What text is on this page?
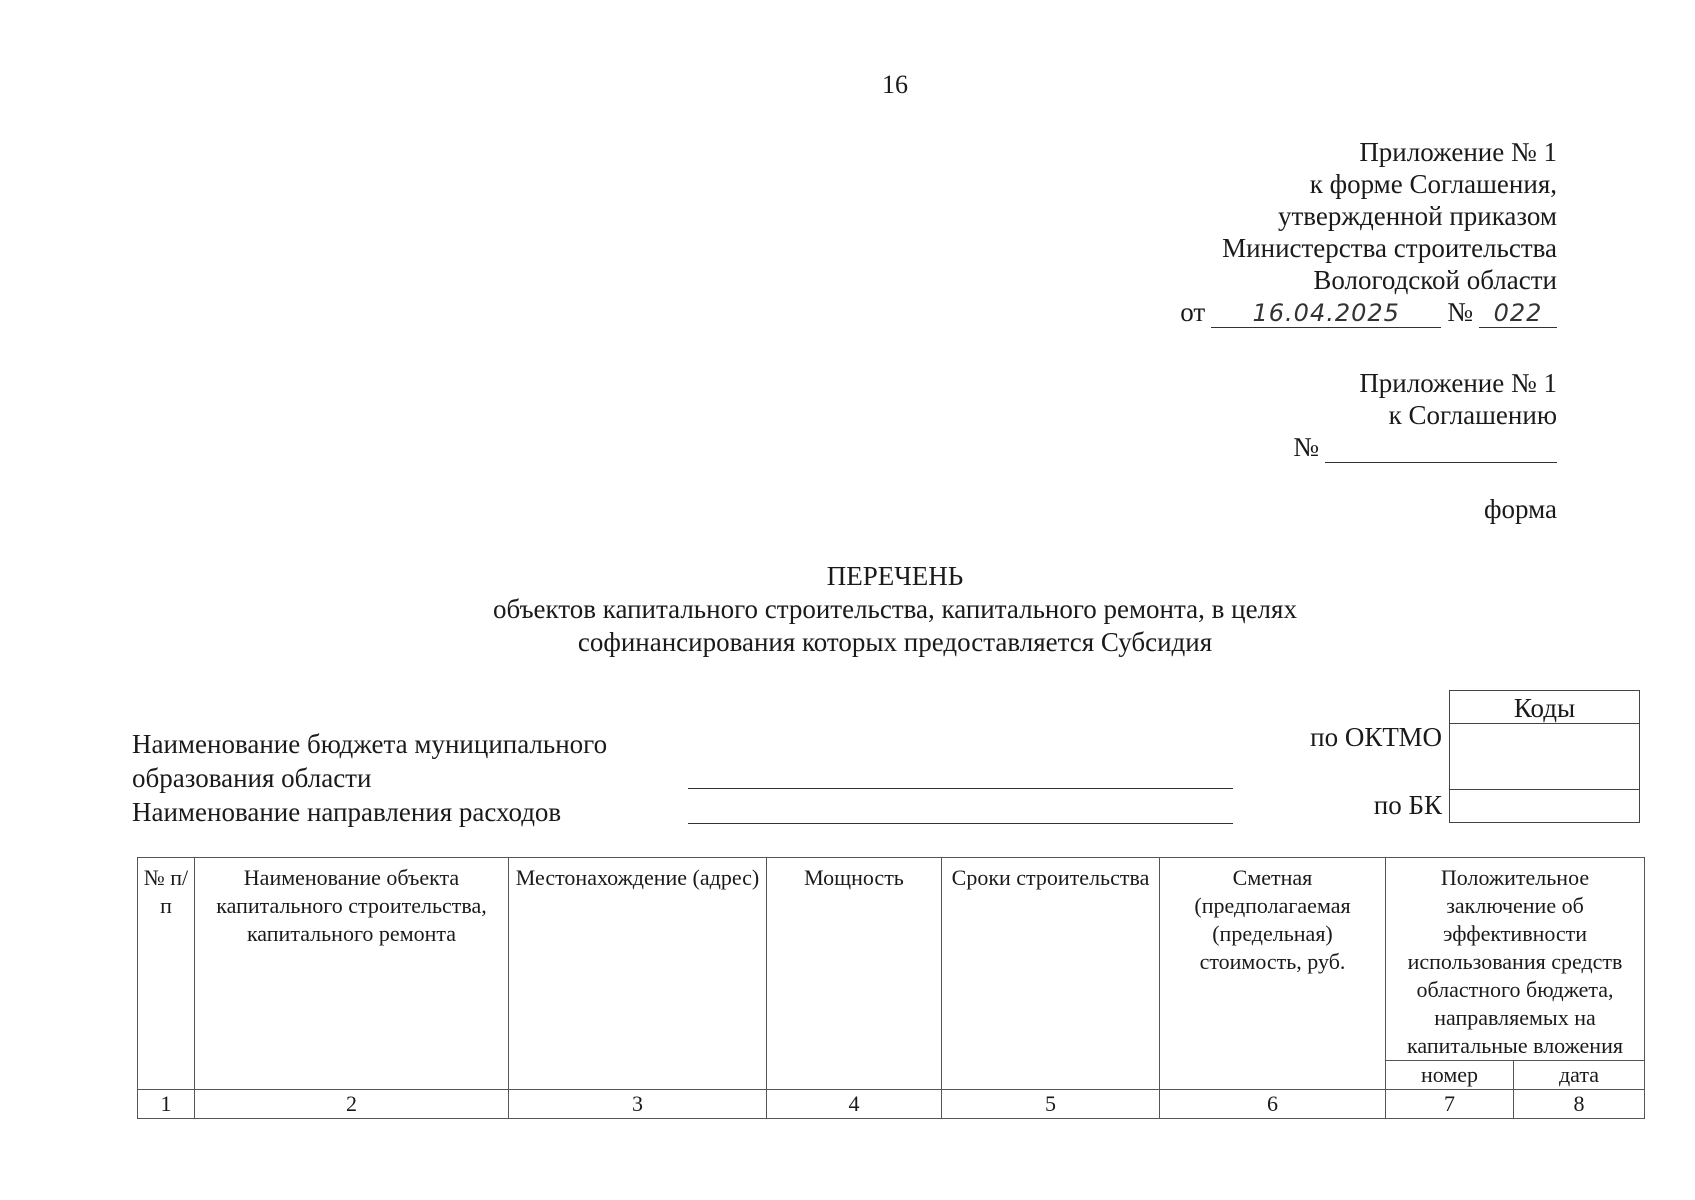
16
Приложение № 1
к форме Соглашения,
утвержденной приказом
Министерства строительства
Вологодской области
от	16.04.2025	№ 022
Приложение № 1
к Соглашению
№
форма
ПЕРЕЧЕНЬ
объектов капитального строительства, капитального ремонта, в целях
софинансирования которых предоставляется Субсидия
Наименование бюджета муниципального
образования области
Наименование направления расходов
по ОКТМО
по БК
Коды
№ п/п	Наименование объекта капитального строительства, капитального ремонта	Местонахождение (адрес)	Мощность	Сроки строительства	Сметная (предполагаемая (предельная) стоимость, руб.	Положительное заключение об эффективности использования средств областного бюджета, направляемых на капитальные вложения	
						номер	дата
1	2	3	4	5	6	7	8
